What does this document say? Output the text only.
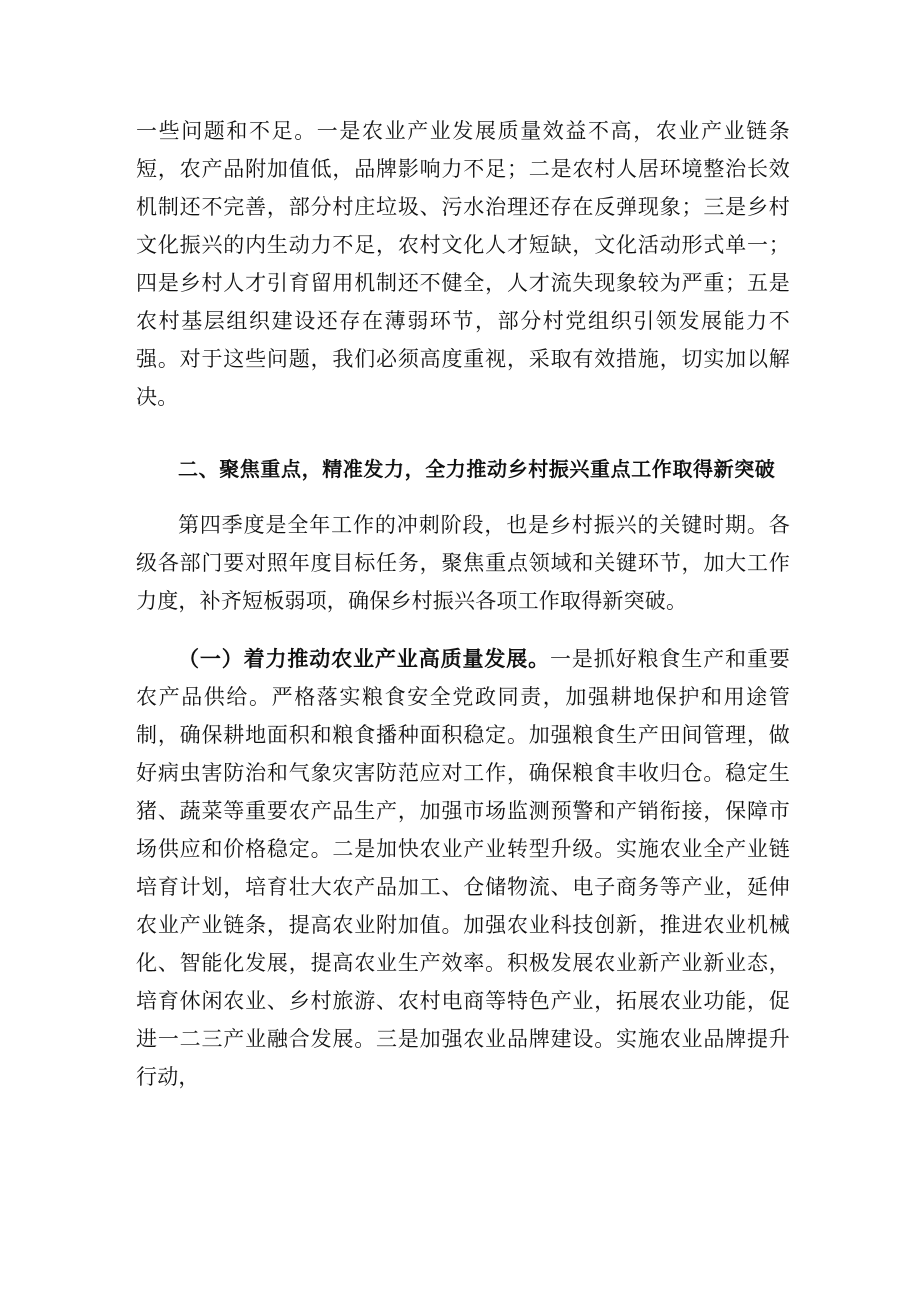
一些问题和不足。一是农业产业发展质量效益不高，农业产业链条短，农产品附加值低，品牌影响力不足；二是农村人居环境整治长效机制还不完善，部分村庄垃圾、污水治理还存在反弹现象；三是乡村文化振兴的内生动力不足，农村文化人才短缺，文化活动形式单一；四是乡村人才引育留用机制还不健全，人才流失现象较为严重；五是农村基层组织建设还存在薄弱环节，部分村党组织引领发展能力不强。对于这些问题，我们必须高度重视，采取有效措施，切实加以解决。

二、聚焦重点，精准发力，全力推动乡村振兴重点工作取得新突破

第四季度是全年工作的冲刺阶段，也是乡村振兴的关键时期。各级各部门要对照年度目标任务，聚焦重点领域和关键环节，加大工作力度，补齐短板弱项，确保乡村振兴各项工作取得新突破。

（一）着力推动农业产业高质量发展。一是抓好粮食生产和重要农产品供给。严格落实粮食安全党政同责，加强耕地保护和用途管制，确保耕地面积和粮食播种面积稳定。加强粮食生产田间管理，做好病虫害防治和气象灾害防范应对工作，确保粮食丰收归仓。稳定生猪、蔬菜等重要农产品生产，加强市场监测预警和产销衔接，保障市场供应和价格稳定。二是加快农业产业转型升级。实施农业全产业链培育计划，培育壮大农产品加工、仓储物流、电子商务等产业，延伸农业产业链条，提高农业附加值。加强农业科技创新，推进农业机械化、智能化发展，提高农业生产效率。积极发展农业新产业新业态，培育休闲农业、乡村旅游、农村电商等特色产业，拓展农业功能，促进一二三产业融合发展。三是加强农业品牌建设。实施农业品牌提升行动，
